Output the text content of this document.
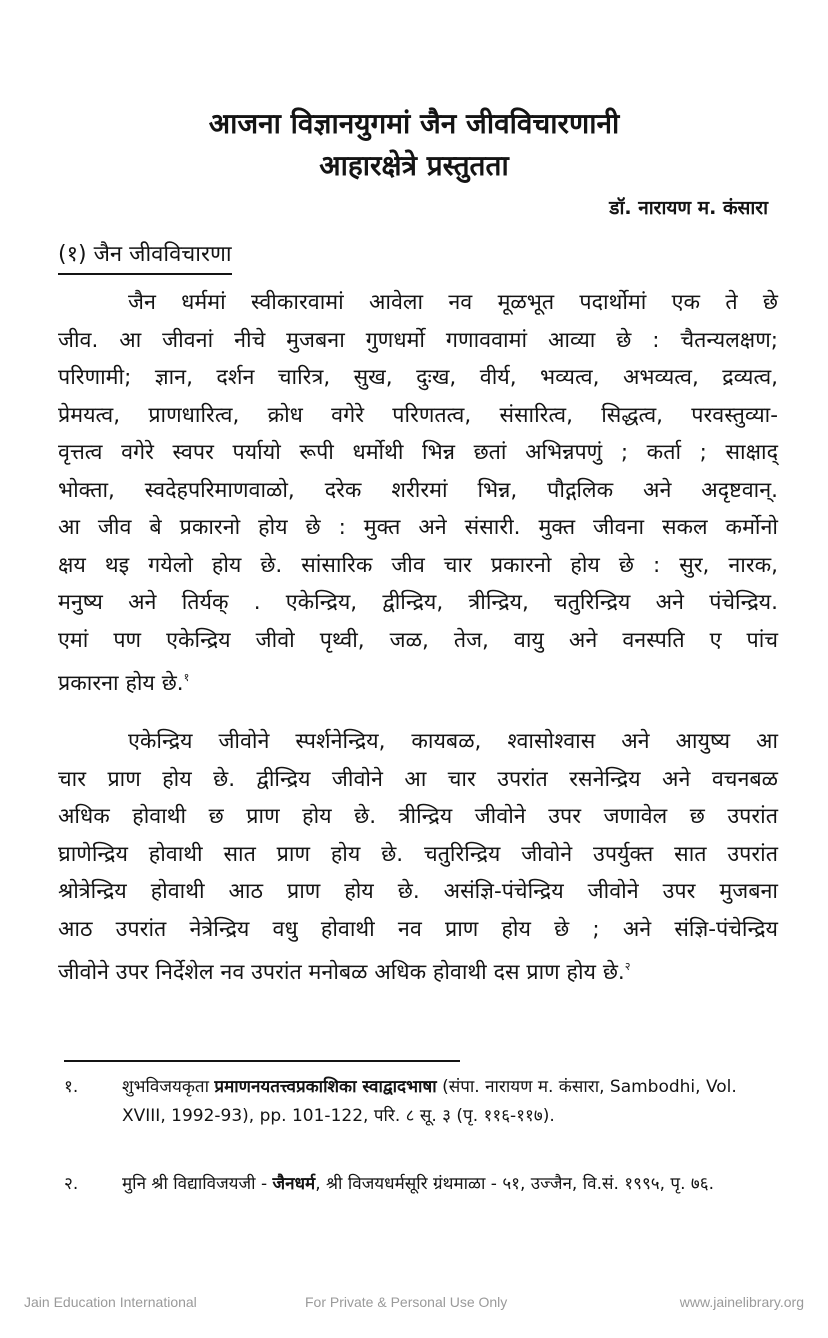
आजना विज्ञानयुगमां जैन जीवविचारणानी
आहारक्षेत्रे प्रस्तुतता
डॉ. नारायण म. कंसारा
(१) जैन जीवविचारणा
जैन धर्ममां स्वीकारवामां आवेला नव मूळभूत पदार्थोमां एक ते छे
जीव. आ जीवनां नीचे मुजबना गुणधर्मो गणाववामां आव्या छे : चैतन्यलक्षण;
परिणामी; ज्ञान, दर्शन चारित्र, सुख, दुःख, वीर्य, भव्यत्व, अभव्यत्व, द्रव्यत्व,
प्रेमयत्व, प्राणधारित्व, क्रोध वगेरे परिणतत्व, संसारित्व, सिद्धत्व, परवस्तुव्या-
वृत्तत्व वगेरे स्वपर पर्यायो रूपी धर्मोथी भिन्न छतां अभिन्नपणुं ; कर्ता ; साक्षाद्
भोक्ता, स्वदेहपरिमाणवाळो, दरेक शरीरमां भिन्न, पौद्गलिक अने अदृष्टवान्.
आ जीव बे प्रकारनो होय छे : मुक्त अने संसारी. मुक्त जीवना सकल कर्मोनो
क्षय थइ गयेलो होय छे. सांसारिक जीव चार प्रकारनो होय छे : सुर, नारक,
मनुष्य अने तिर्यक् . एकेन्द्रिय, द्वीन्द्रिय, त्रीन्द्रिय, चतुरिन्द्रिय अने पंचेन्द्रिय.
एमां पण एकेन्द्रिय जीवो पृथ्वी, जळ, तेज, वायु अने वनस्पति ए पांच
प्रकारना होय छे.$^१$
एकेन्द्रिय जीवोने स्पर्शनेन्द्रिय, कायबळ, श्वासोश्वास अने आयुष्य आ
चार प्राण होय छे. द्वीन्द्रिय जीवोने आ चार उपरांत रसनेन्द्रिय अने वचनबळ
अधिक होवाथी छ प्राण होय छे. त्रीन्द्रिय जीवोने उपर जणावेल छ उपरांत
घ्राणेन्द्रिय होवाथी सात प्राण होय छे. चतुरिन्द्रिय जीवोने उपर्युक्त सात उपरांत
श्रोत्रेन्द्रिय होवाथी आठ प्राण होय छे. असंज्ञि-पंचेन्द्रिय जीवोने उपर मुजबना
आठ उपरांत नेत्रेन्द्रिय वधु होवाथी नव प्राण होय छे ; अने संज्ञि-पंचेन्द्रिय
जीवोने उपर निर्देशेल नव उपरांत मनोबळ अधिक होवाथी दस प्राण होय छे.$^२$
१.	शुभविजयकृता प्रमाणनयतत्त्वप्रकाशिका स्वाद्वादभाषा (संपा. नारायण म. कंसारा, Sambodhi, Vol. XVIII, 1992-93), pp. 101-122, परि. ८ सू. ३ (पृ. ११६-११७).
२.	मुनि श्री विद्याविजयजी - जैनधर्म, श्री विजयधर्मसूरि ग्रंथमाळा - ५१, उज्जैन, वि.सं. १९९५, पृ. ७६.
Jain Education International	For Private & Personal Use Only	www.jainelibrary.org
